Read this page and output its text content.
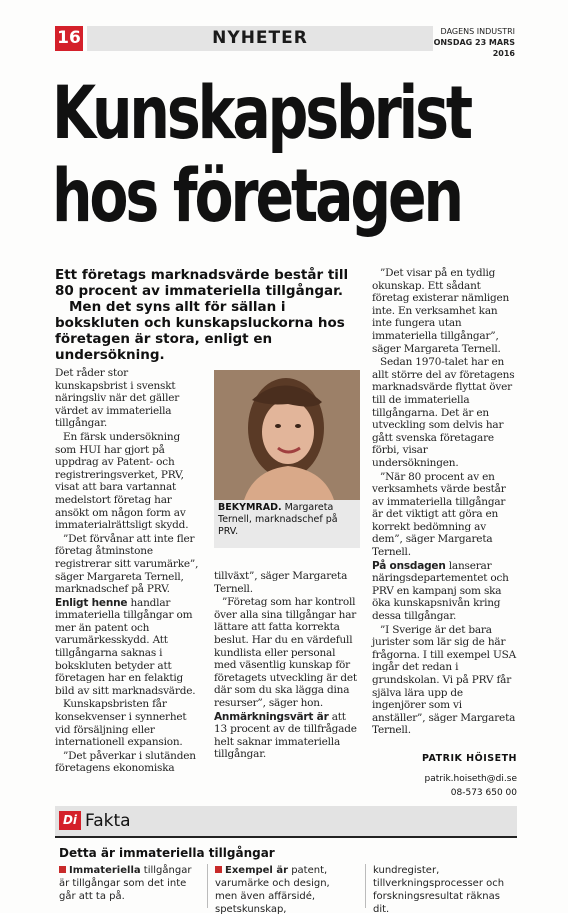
16	NYHETER	DAGENS INDUSTRI
ONSDAG 23 MARS 2016
Kunskapsbrist
hos företagen

Ett företags marknadsvärde består till 80 procent av immateriella tillgångar.

Men det syns allt för sällan i bokskluten och kunskapsluckorna hos företagen är stora, enligt en undersökning.

Det råder stor kunskapsbrist i svenskt näringsliv när det gäller värdet av immateriella tillgångar.

En färsk undersökning som HUI har gjort på uppdrag av Patent- och registreringsverket, PRV, visat att bara vartannat medelstort företag har ansökt om någon form av immaterialrättsligt skydd.

”Det förvånar att inte fler företag åtminstone registrerar sitt varumärke”, säger Margareta Ternell, marknadschef på PRV.

Enligt henne handlar immateriella tillgångar om mer än patent och varumärkesskydd. Att tillgångarna saknas i bokskluten betyder att företagen har en felaktig bild av sitt marknadsvärde.

Kunskapsbristen får konsekvenser i synnerhet vid försäljning eller internationell expansion.

”Det påverkar i slutänden företagens ekonomiska

BEKYMRAD. Margareta Ternell, marknadschef på PRV.

tillväxt”, säger Margareta Ternell.

”Företag som har kontroll över alla sina tillgångar har lättare att fatta korrekta beslut. Har du en värdefull kundlista eller personal med väsentlig kunskap för företagets utveckling är det där som du ska lägga dina resurser”, säger hon.

Anmärkningsvärt är att 13 procent av de tillfrågade helt saknar immateriella tillgångar.

”Det visar på en tydlig okunskap. Ett sådant företag existerar nämligen inte. En verksamhet kan inte fungera utan immateriella tillgångar”, säger Margareta Ternell.

Sedan 1970-talet har en allt större del av företagens marknadsvärde flyttat över till de immateriella tillgångarna. Det är en utveckling som delvis har gått svenska företagare förbi, visar undersökningen.

”När 80 procent av en verksamhets värde består av immateriella tillgångar är det viktigt att göra en korrekt bedömning av dem”, säger Margareta Ternell.

På onsdagen lanserar näringsdepartementet och PRV en kampanj som ska öka kunskapsnivån kring dessa tillgångar.

”I Sverige är det bara jurister som lär sig de här frågorna. I till exempel USA ingår det redan i grundskolan. Vi på PRV får själva lära upp de ingenjörer som vi anställer”, säger Margareta Ternell.

PATRIK HÖISETH
patrik.hoiseth@di.se
08-573 650 00
Di Fakta
Detta är immateriella tillgångar
Immateriella tillgångar är tillgångar som det inte går att ta på.
Exempel är patent, varumärke och design, men även affärsidé, spetskunskap,
kundregister, tillverkningsprocesser och forskningsresultat räknas dit.
